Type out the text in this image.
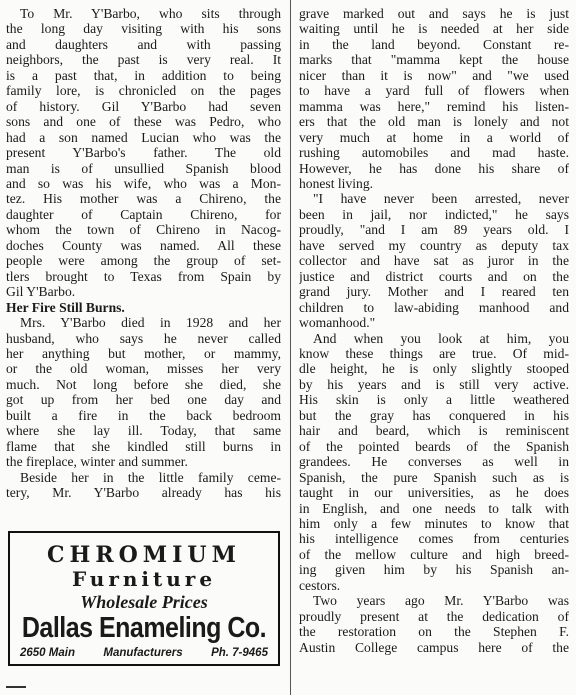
To Mr. Y'Barbo, who sits through
the long day visiting with his sons
and daughters and with passing
neighbors, the past is very real. It
is a past that, in addition to being
family lore, is chronicled on the pages
of history. Gil Y'Barbo had seven
sons and one of these was Pedro, who
had a son named Lucian who was the
present Y'Barbo's father. The old
man is of unsullied Spanish blood
and so was his wife, who was a Mon-
tez. His mother was a Chireno, the
daughter of Captain Chireno, for
whom the town of Chireno in Nacog-
doches County was named. All these
people were among the group of set-
tlers brought to Texas from Spain by
Gil Y'Barbo.
Her Fire Still Burns.
Mrs. Y'Barbo died in 1928 and her
husband, who says he never called
her anything but mother, or mammy,
or the old woman, misses her very
much. Not long before she died, she
got up from her bed one day and
built a fire in the back bedroom
where she lay ill. Today, that same
flame that she kindled still burns in
the fireplace, winter and summer.
Beside her in the little family ceme-
tery, Mr. Y'Barbo already has his
grave marked out and says he is just
waiting until he is needed at her side
in the land beyond. Constant re-
marks that "mamma kept the house
nicer than it is now" and "we used
to have a yard full of flowers when
mamma was here," remind his listen-
ers that the old man is lonely and not
very much at home in a world of
rushing automobiles and mad haste.
However, he has done his share of
honest living.
"I have never been arrested, never
been in jail, nor indicted," he says
proudly, "and I am 89 years old. I
have served my country as deputy tax
collector and have sat as juror in the
justice and district courts and on the
grand jury. Mother and I reared ten
children to law-abiding manhood and
womanhood."
And when you look at him, you
know these things are true. Of mid-
dle height, he is only slightly stooped
by his years and is still very active.
His skin is only a little weathered
but the gray has conquered in his
hair and beard, which is reminiscent
of the pointed beards of the Spanish
grandees. He converses as well in
Spanish, the pure Spanish such as is
taught in our universities, as he does
in English, and one needs to talk with
him only a few minutes to know that
his intelligence comes from centuries
of the mellow culture and high breed-
ing given him by his Spanish an-
cestors.
Two years ago Mr. Y'Barbo was
proudly present at the dedication of
the restoration on the Stephen F.
Austin College campus here of the
CHROMIUM
Furniture
Wholesale Prices
Dallas Enameling Co.
2650 Main Manufacturers Ph. 7-9465
